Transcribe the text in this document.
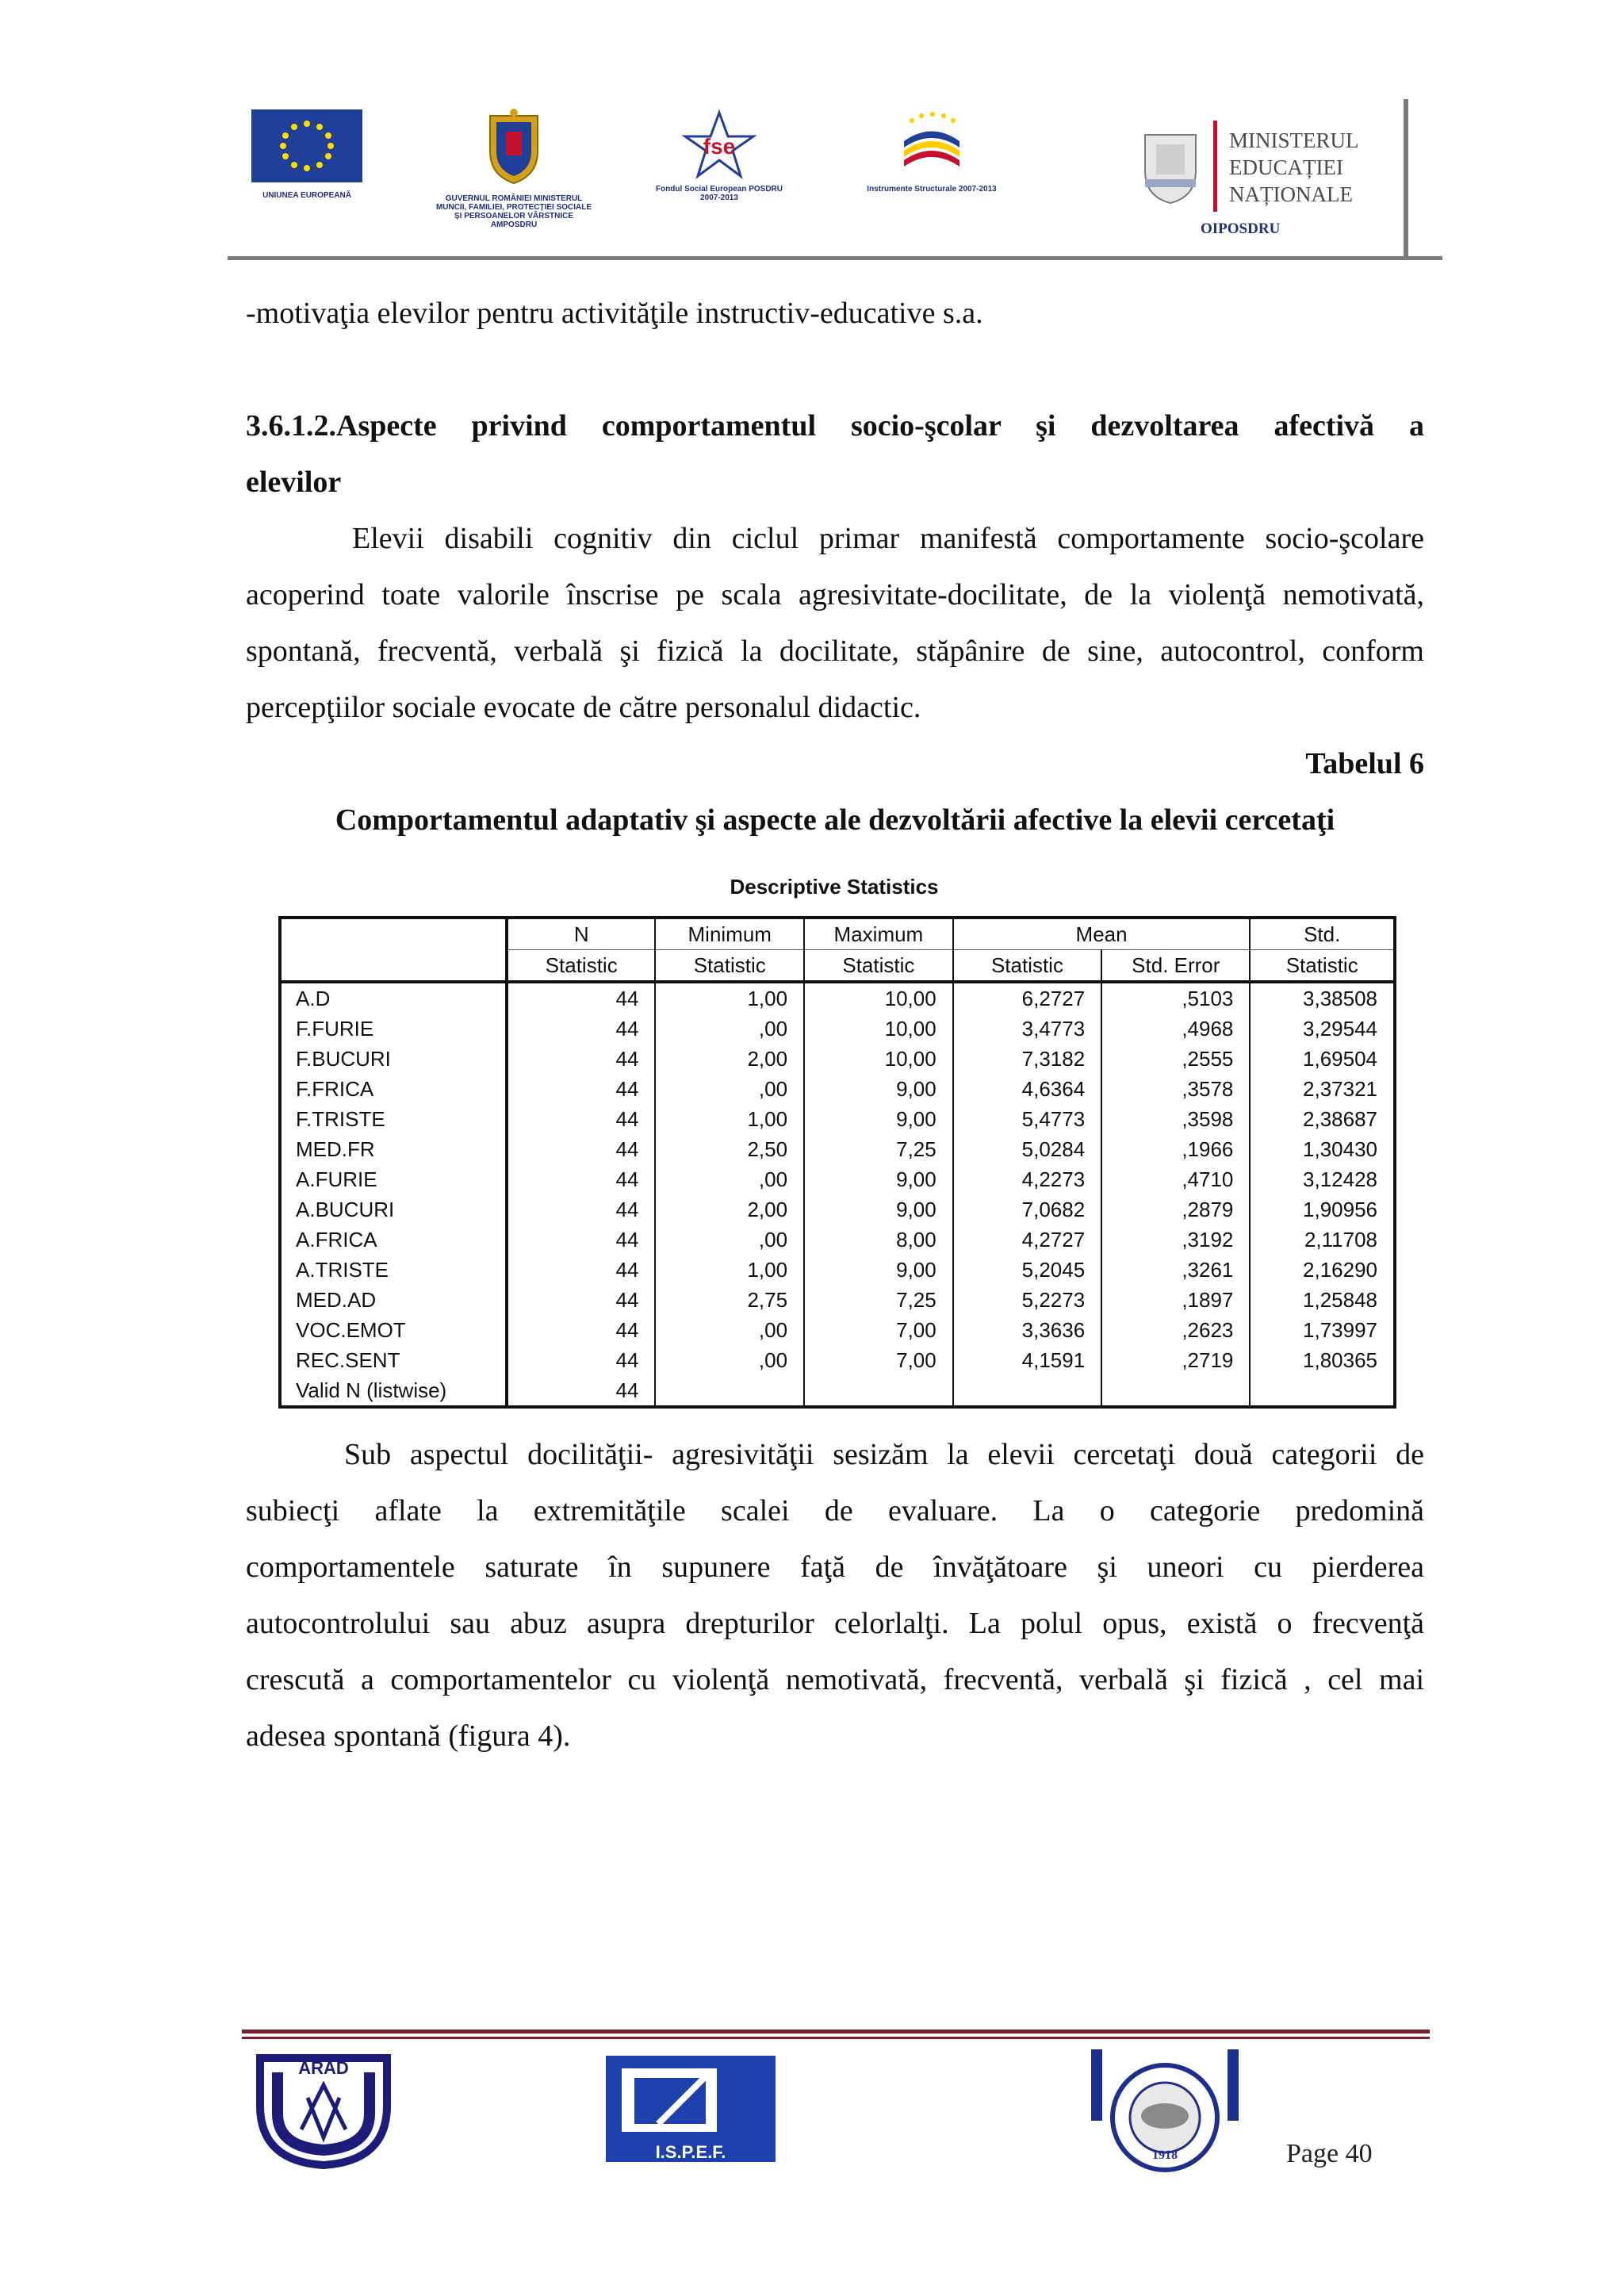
UNIUNEA EUROPEANĂ	GUVERNUL ROMÂNIEI MINISTERUL MUNCII, FAMILIEI, PROTECȚIEI SOCIALE ȘI PERSOANELOR VÂRSTNICE AMPOSDRU
fse
Fondul Social European POSDRU 2007-2013
Instrumente Structurale 2007-2013
MINISTERUL
EDUCAȚIEI
NAȚIONALE
OIPOSDRU
-motivaţia elevilor pentru activităţile instructiv-educative s.a.
3.6.1.2.Aspecte privind comportamentul socio-şcolar şi dezvoltarea afectivă a
elevilor
Elevii disabili cognitiv din ciclul primar manifestă comportamente socio-şcolare
acoperind toate valorile înscrise pe scala agresivitate-docilitate, de la violenţă nemotivată,
spontană, frecventă, verbală şi fizică la docilitate, stăpânire de sine, autocontrol, conform
percepţiilor sociale evocate de către personalul didactic.
Tabelul 6
Comportamentul adaptativ şi aspecte ale dezvoltării afective la elevii cercetaţi
Descriptive Statistics
	N	Minimum	Maximum	Mean		Std.
	Statistic	Statistic	Statistic	Statistic	Std. Error	Statistic
A.D	44	1,00	10,00	6,2727	,5103	3,38508
F.FURIE	44	,00	10,00	3,4773	,4968	3,29544
F.BUCURI	44	2,00	10,00	7,3182	,2555	1,69504
F.FRICA	44	,00	9,00	4,6364	,3578	2,37321
F.TRISTE	44	1,00	9,00	5,4773	,3598	2,38687
MED.FR	44	2,50	7,25	5,0284	,1966	1,30430
A.FURIE	44	,00	9,00	4,2273	,4710	3,12428
A.BUCURI	44	2,00	9,00	7,0682	,2879	1,90956
A.FRICA	44	,00	8,00	4,2727	,3192	2,11708
A.TRISTE	44	1,00	9,00	5,2045	,3261	2,16290
MED.AD	44	2,75	7,25	5,2273	,1897	1,25848
VOC.EMOT	44	,00	7,00	3,3636	,2623	1,73997
REC.SENT	44	,00	7,00	4,1591	,2719	1,80365
Valid N (listwise)	44					
Sub aspectul docilităţii- agresivităţii sesizăm la elevii cercetaţi două categorii de
subiecţi aflate la extremităţile scalei de evaluare. La o categorie predomină
comportamentele saturate în supunere faţă de învăţătoare şi uneori cu pierderea
autocontrolului sau abuz asupra drepturilor celorlalţi. La polul opus, există o frecvenţă
crescută a comportamentelor cu violenţă nemotivată, frecventă, verbală şi fizică , cel mai
adesea spontană (figura 4).
ARAD
I.S.P.E.F.	1918	Page 40
